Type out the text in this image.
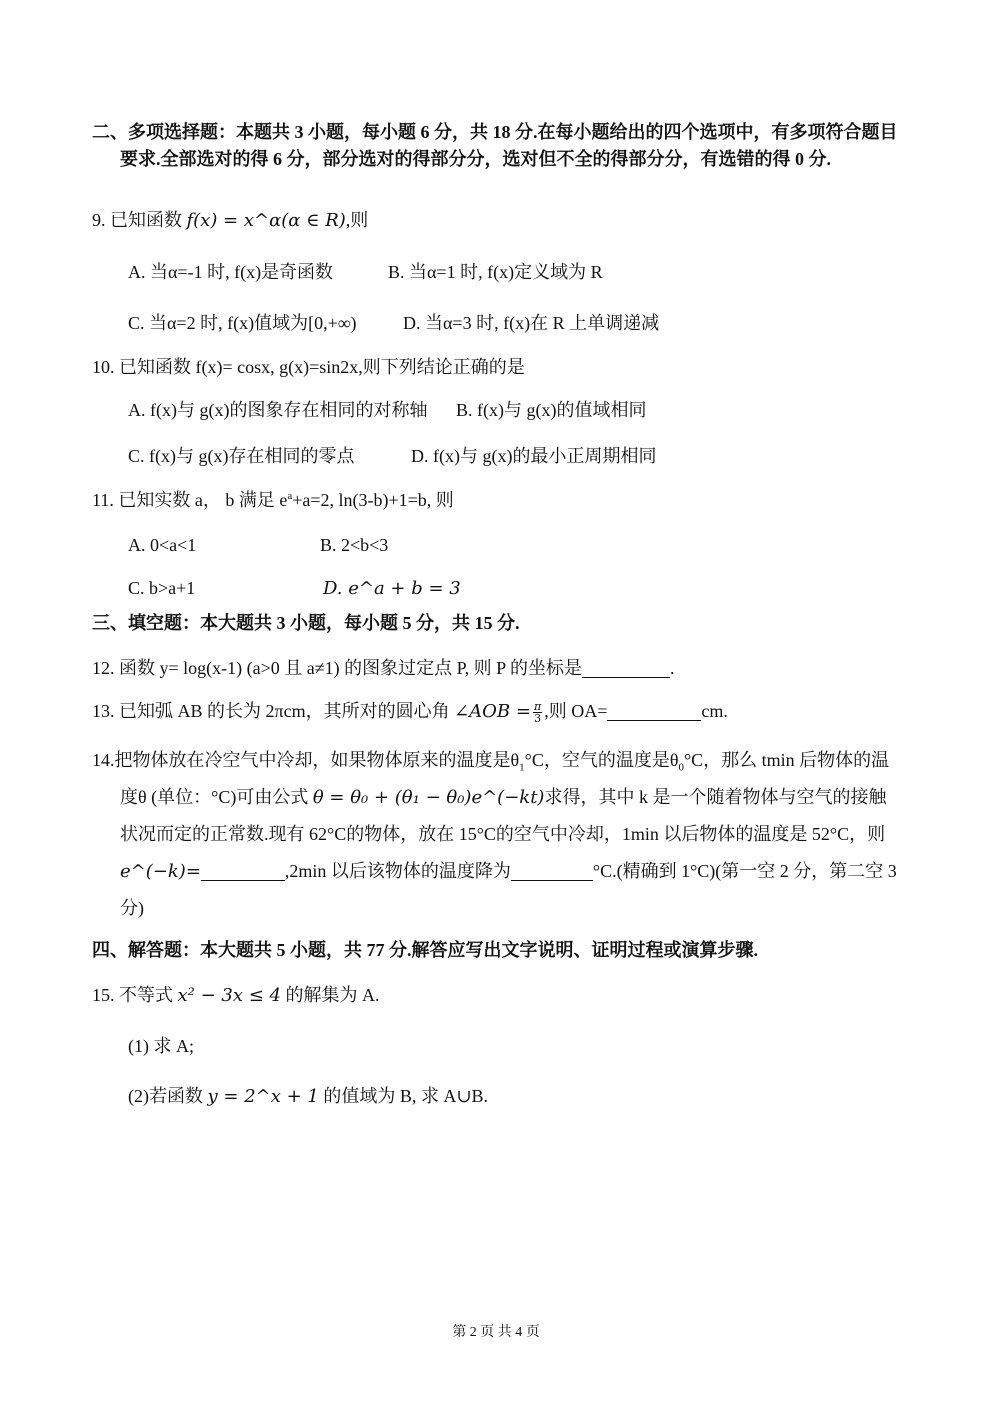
二、多项选择题：本题共 3 小题，每小题 6 分，共 18 分.在每小题给出的四个选项中，有多项符合题目要求.全部选对的得 6 分，部分选对的得部分分，选对但不全的得部分分，有选错的得 0 分.
9. 已知函数 f(x) = x^α(α ∈ R),则
A. 当α=-1 时, f(x)是奇函数	B. 当α=1 时, f(x)定义域为 R
C. 当α=2 时, f(x)值域为[0,+∞)	D. 当α=3 时, f(x)在 R 上单调递减
10. 已知函数 f(x)= cosx, g(x)=sin2x,则下列结论正确的是
A. f(x)与 g(x)的图象存在相同的对称轴 B. f(x)与 g(x)的值域相同
C. f(x)与 g(x)存在相同的零点	D. f(x)与 g(x)的最小正周期相同
11. 已知实数 a， b 满足 $e^a+a=2$, ln(3-b)+1=b, 则
A. 0<a<1	B. 2<b<3
C. b>a+1	D. e^a + b = 3
三、填空题：本大题共 3 小题，每小题 5 分，共 15 分.
12. 函数 y= log(x-1) (a>0 且 a≠1) 的图象过定点 P, 则 P 的坐标是	.
13. 已知弧 AB 的长为 2πcm，其所对的圆心角 ∠AOB = $\frac{\pi}{3}$ ,则 OA=	cm.
14.把物体放在冷空气中冷却，如果物体原来的温度是$\theta_1^\circ C$，空气的温度是$\theta_0^\circ C$，那么 tmin 后物体的温度θ (单位：°C)可由公式 θ = θ₀ + (θ₁ − θ₀)e^(−kt)求得，其中 k 是一个随着物体与空气的接触状况而定的正常数.现有 62°C的物体，放在 15°C的空气中冷却，1min 以后物体的温度是 52°C，则 e^(−k)=	,2min 以后该物体的温度降为	°C.(精确到 1°C)(第一空 2 分，第二空 3 分)
四、解答题：本大题共 5 小题，共 77 分.解答应写出文字说明、证明过程或演算步骤.
15. 不等式 x² − 3x ≤ 4 的解集为 A.
(1) 求 A;
(2)若函数 y = 2^x + 1 的值域为 B, 求 A∪B.
第 2 页 共 4 页
